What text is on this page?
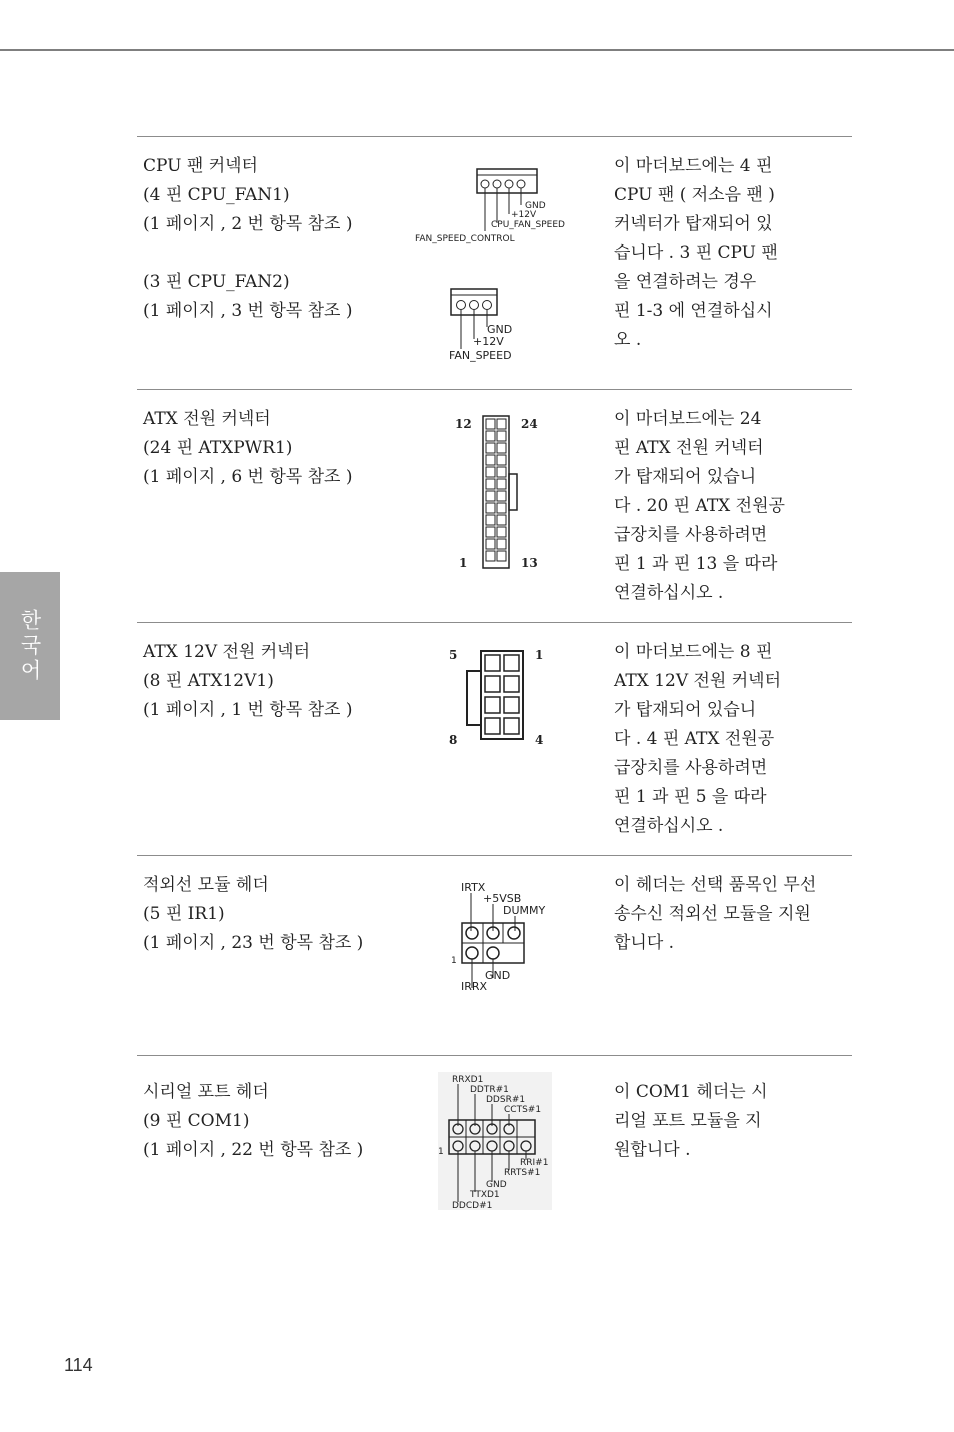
한국어
CPU 팬 커넥터
(4 핀 CPU_FAN1)
(1 페이지 , 2 번 항목 참조 )
(3 핀 CPU_FAN2)
(1 페이지 , 3 번 항목 참조 )
GND
+12V
CPU_FAN_SPEED
FAN_SPEED_CONTROL
GND
+12V
FAN_SPEED
이 마더보드에는 4 핀
CPU 팬 ( 저소음 팬 )
커넥터가 탑재되어 있
습니다 . 3 핀 CPU 팬
을 연결하려는 경우
핀 1-3 에 연결하십시
오 .
ATX 전원 커넥터
(24 핀 ATXPWR1)
(1 페이지 , 6 번 항목 참조 )
12	24
1	13
이 마더보드에는 24
핀 ATX 전원 커넥터
가 탑재되어 있습니
다 . 20 핀 ATX 전원공
급장치를 사용하려면
핀 1 과 핀 13 을 따라
연결하십시오 .
ATX 12V 전원 커넥터
(8 핀 ATX12V1)
(1 페이지 , 1 번 항목 참조 )
5	1
8	4
이 마더보드에는 8 핀
ATX 12V 전원 커넥터
가 탑재되어 있습니
다 . 4 핀 ATX 전원공
급장치를 사용하려면
핀 1 과 핀 5 을 따라
연결하십시오 .
적외선 모듈 헤더
(5 핀 IR1)
(1 페이지 , 23 번 항목 참조 )
IRTX
+5VSB
DUMMY
1
GND
IRRX
이 헤더는 선택 품목인 무선
송수신 적외선 모듈을 지원
합니다 .
시리얼 포트 헤더
(9 핀 COM1)
(1 페이지 , 22 번 항목 참조 )
RRXD1
DDTR#1
DDSR#1
CCTS#1
1
RRI#1
RRTS#1
GND
TTXD1
DDCD#1
이 COM1 헤더는 시
리얼 포트 모듈을 지
원합니다 .
114
